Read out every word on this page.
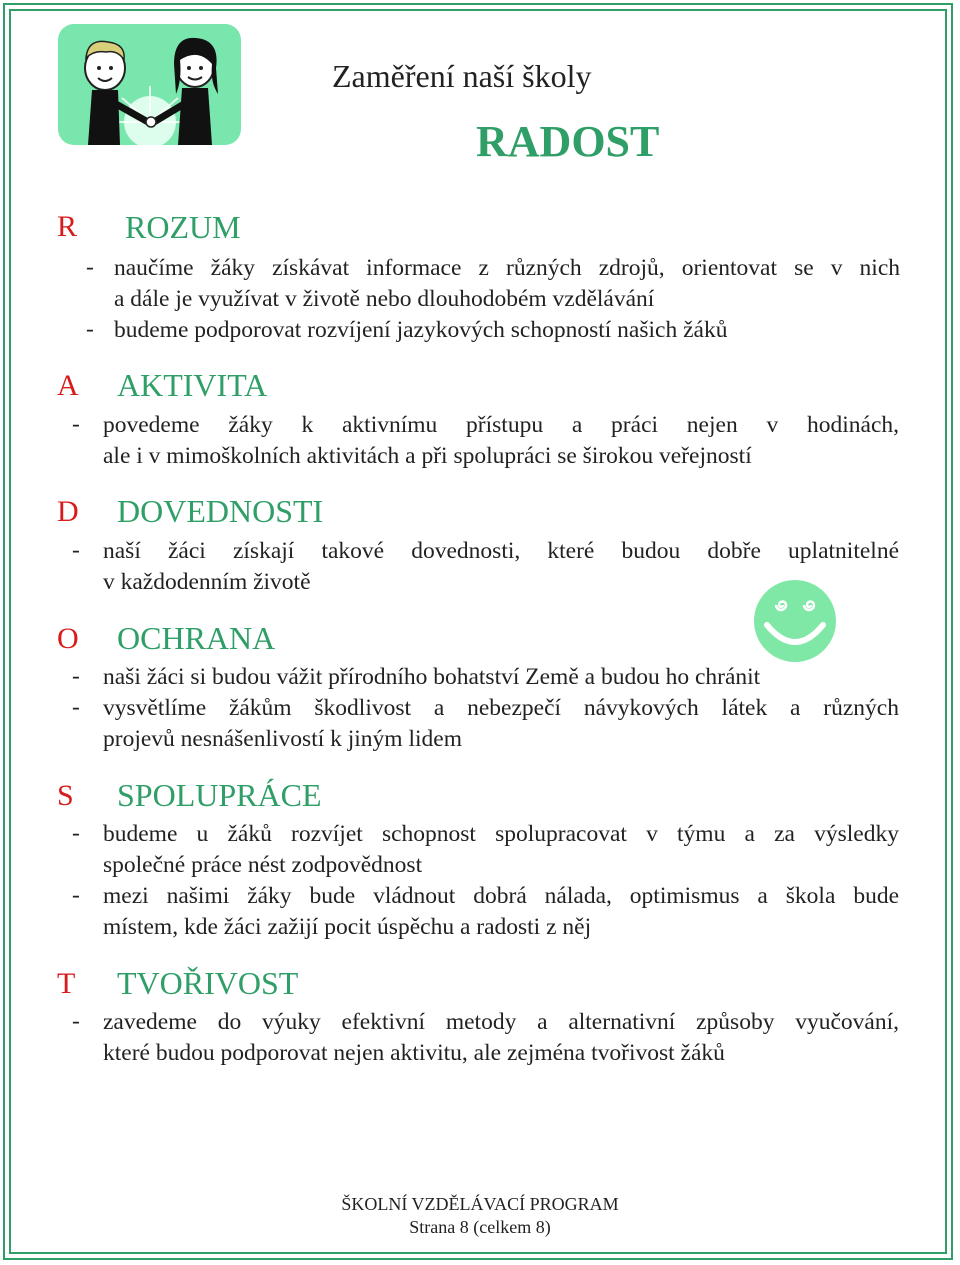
Zaměření naší školy
RADOST
R ROZUM
- naučíme žáky získávat informace z různých zdrojů, orientovat se v nich
a dále je využívat v životě nebo dlouhodobém vzdělávání
- budeme podporovat rozvíjení jazykových schopností našich žáků
A AKTIVITA
- povedeme žáky k aktivnímu přístupu a práci nejen v hodinách,
ale i v mimoškolních aktivitách a při spolupráci se širokou veřejností
D DOVEDNOSTI
- naší žáci získají takové dovednosti, které budou dobře uplatnitelné
v každodenním životě
O OCHRANA
- naši žáci si budou vážit přírodního bohatství Země a budou ho chránit
- vysvětlíme žákům škodlivost a nebezpečí návykových látek a různých
projevů nesnášenlivostí k jiným lidem
S SPOLUPRÁCE
- budeme u žáků rozvíjet schopnost spolupracovat v týmu a za výsledky
společné práce nést zodpovědnost
- mezi našimi žáky bude vládnout dobrá nálada, optimismus a škola bude
místem, kde žáci zažijí pocit úspěchu a radosti z něj
T TVOŘIVOST
- zavedeme do výuky efektivní metody a alternativní způsoby vyučování,
které budou podporovat nejen aktivitu, ale zejména tvořivost žáků
ŠKOLNÍ VZDĚLÁVACÍ PROGRAM
Strana 8 (celkem 8)
